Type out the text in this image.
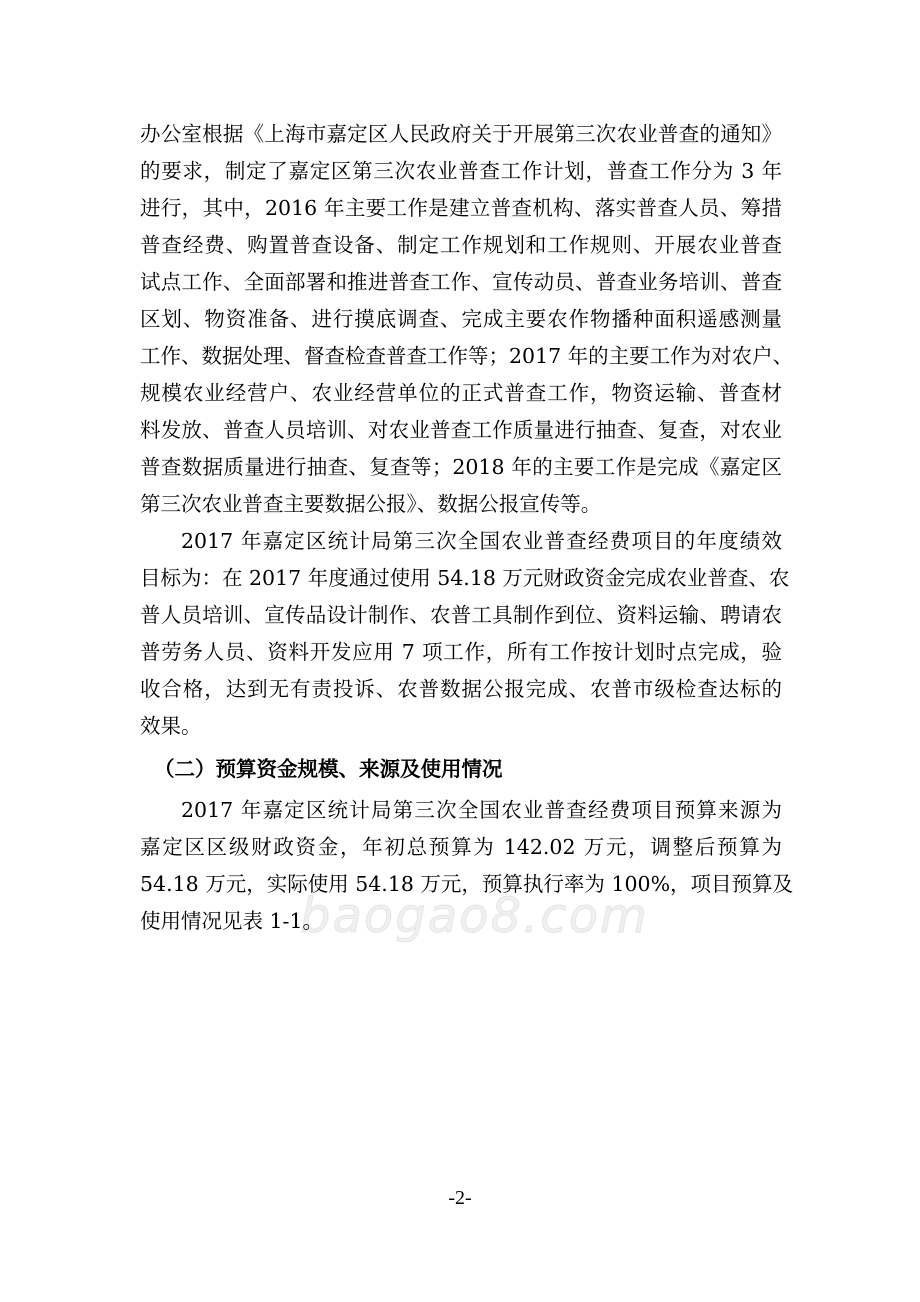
办公室根据《上海市嘉定区人民政府关于开展第三次农业普查的通知》
的要求，制定了嘉定区第三次农业普查工作计划，普查工作分为 3 年
进行，其中，2016 年主要工作是建立普查机构、落实普查人员、筹措
普查经费、购置普查设备、制定工作规划和工作规则、开展农业普查
试点工作、全面部署和推进普查工作、宣传动员、普查业务培训、普查
区划、物资准备、进行摸底调查、完成主要农作物播种面积遥感测量
工作、数据处理、督查检查普查工作等；2017 年的主要工作为对农户、
规模农业经营户、农业经营单位的正式普查工作，物资运输、普查材
料发放、普查人员培训、对农业普查工作质量进行抽查、复查，对农业
普查数据质量进行抽查、复查等；2018 年的主要工作是完成《嘉定区
第三次农业普查主要数据公报》、数据公报宣传等。
2017 年嘉定区统计局第三次全国农业普查经费项目的年度绩效
目标为：在 2017 年度通过使用 54.18 万元财政资金完成农业普查、农
普人员培训、宣传品设计制作、农普工具制作到位、资料运输、聘请农
普劳务人员、资料开发应用 7 项工作，所有工作按计划时点完成，验
收合格，达到无有责投诉、农普数据公报完成、农普市级检查达标的
效果。
（二）预算资金规模、来源及使用情况
2017 年嘉定区统计局第三次全国农业普查经费项目预算来源为
嘉定区区级财政资金，年初总预算为 142.02 万元，调整后预算为
54.18 万元，实际使用 54.18 万元，预算执行率为 100%，项目预算及
使用情况见表 1-1。
baogao8.com
-2-
